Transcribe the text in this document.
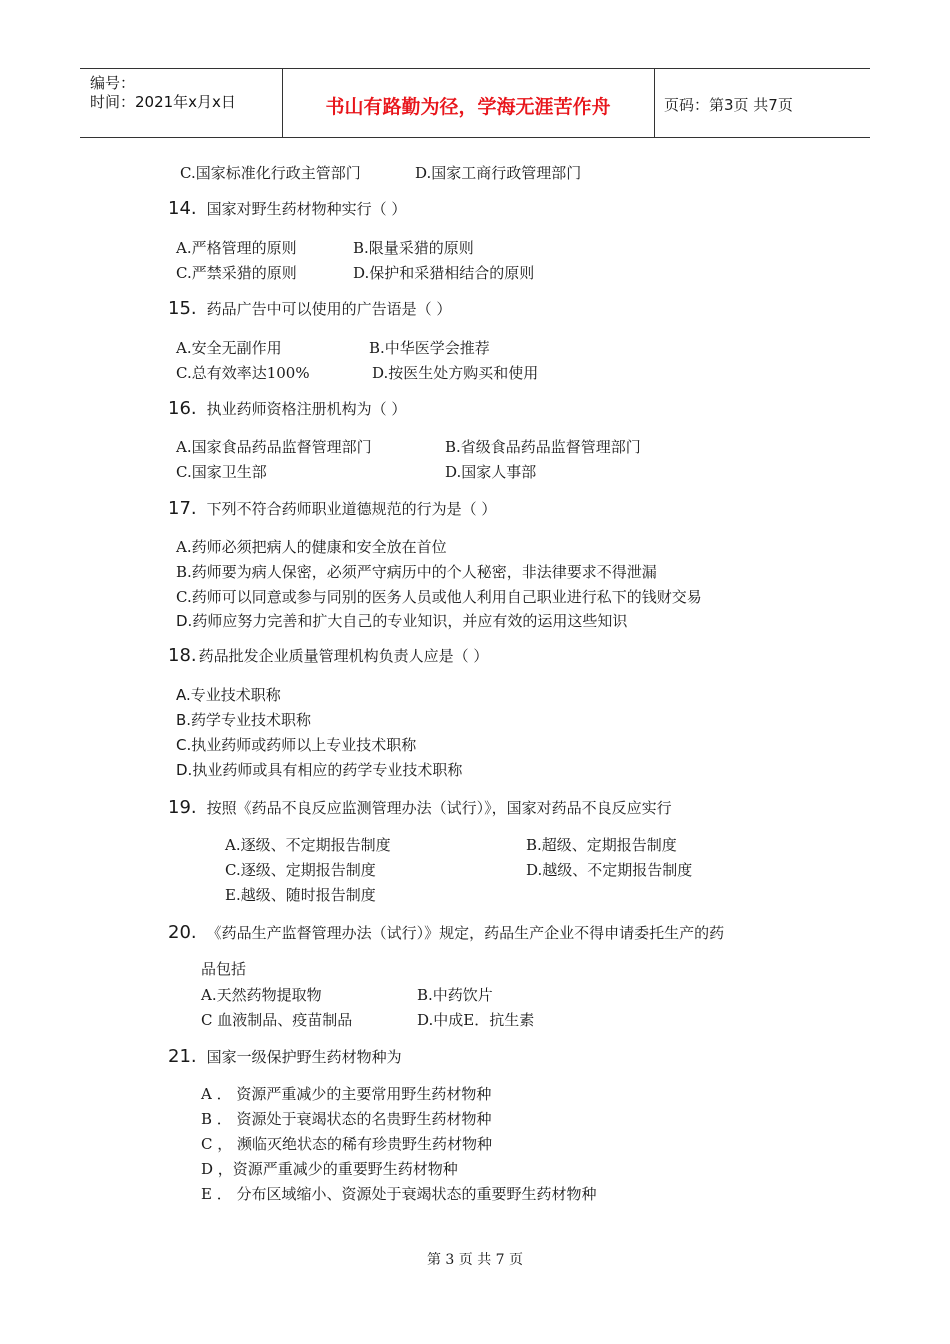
编号：
时间：2021年x月x日	书山有路勤为径，学海无涯苦作舟	页码：第3页 共7页
C.国家标准化行政主管部门	D.国家工商行政管理部门
14. 国家对野生药材物种实行（ ）
A.严格管理的原则	B.限量采猎的原则
C.严禁采猎的原则	D.保护和采猎相结合的原则
15. 药品广告中可以使用的广告语是（ ）
A.安全无副作用	B.中华医学会推荐
C.总有效率达100%	D.按医生处方购买和使用
16. 执业药师资格注册机构为（ ）
A.国家食品药品监督管理部门	B.省级食品药品监督管理部门
C.国家卫生部	D.国家人事部
17. 下列不符合药师职业道德规范的行为是（ ）
A.药师必须把病人的健康和安全放在首位
B.药师要为病人保密，必须严守病历中的个人秘密，非法律要求不得泄漏
C.药师可以同意或参与同别的医务人员或他人利用自己职业进行私下的钱财交易
D.药师应努力完善和扩大自己的专业知识，并应有效的运用这些知识
18. 药品批发企业质量管理机构负责人应是（ ）
A.专业技术职称
B.药学专业技术职称
C.执业药师或药师以上专业技术职称
D.执业药师或具有相应的药学专业技术职称
19. 按照《药品不良反应监测管理办法（试行）》，国家对药品不良反应实行
A.逐级、不定期报告制度	B.超级、定期报告制度
C.逐级、定期报告制度	D.越级、不定期报告制度
E.越级、随时报告制度
20. 《药品生产监督管理办法（试行）》规定，药品生产企业不得申请委托生产的药
品包括
A.天然药物提取物	B.中药饮片
C 血液制品、疫苗制品	D.中成E．抗生素
21. 国家一级保护野生药材物种为
A ． 资源严重减少的主要常用野生药材物种
B ． 资源处于衰竭状态的名贵野生药材物种
C ， 濒临灭绝状态的稀有珍贵野生药材物种
D ，资源严重减少的重要野生药材物种
E ． 分布区域缩小、资源处于衰竭状态的重要野生药材物种
第 3 页 共 7 页
